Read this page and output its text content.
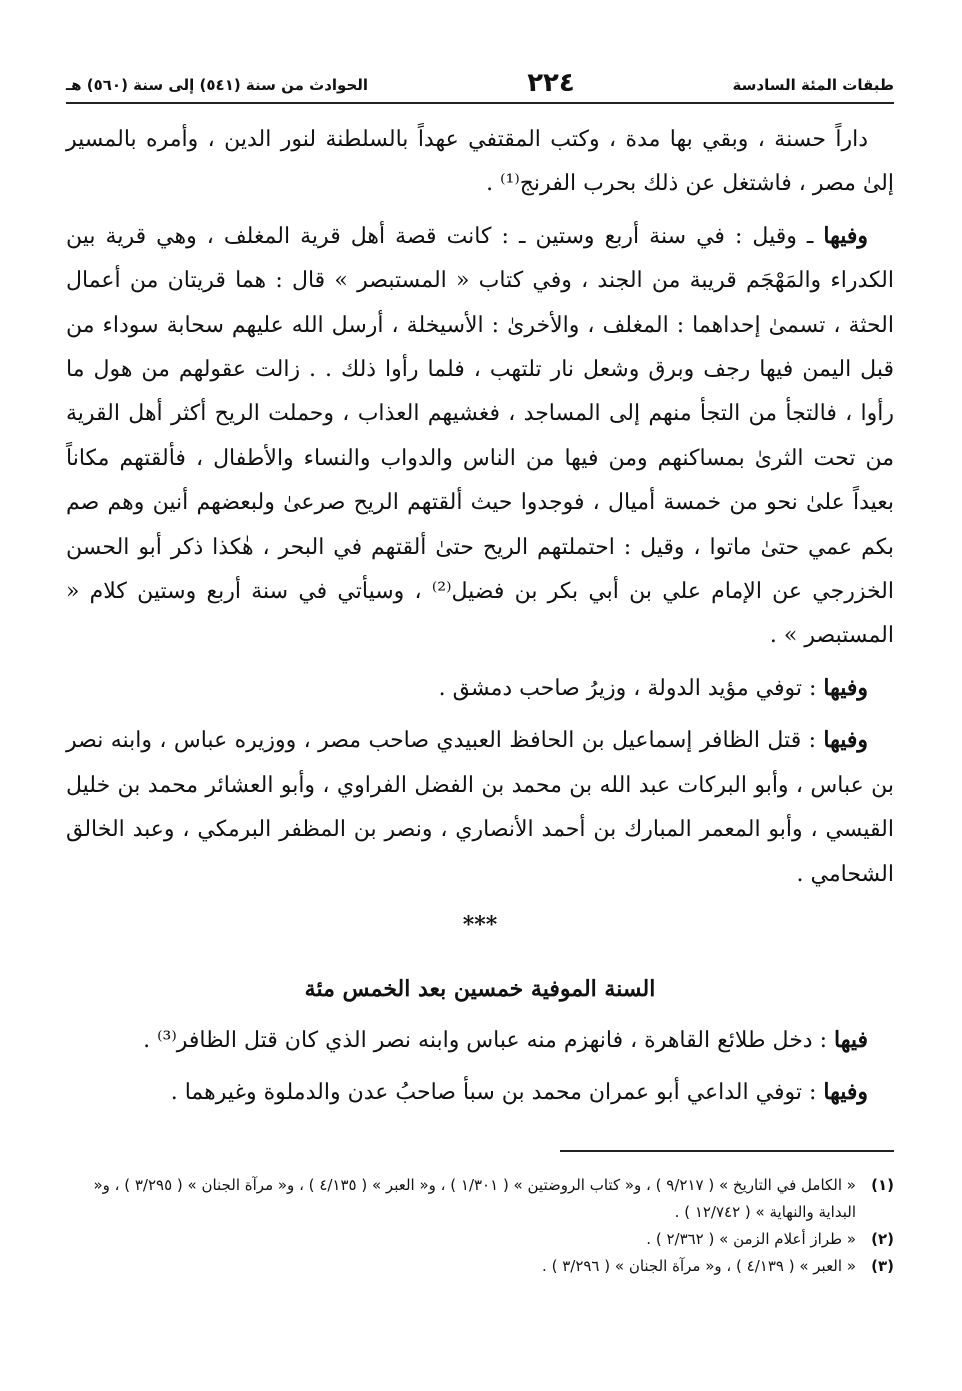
طبقات المئة السادسة
٢٢٤
الحوادث من سنة (٥٤١) إلى سنة (٥٦٠) هـ

داراً حسنة ، وبقي بها مدة ، وكتب المقتفي عهداً بالسلطنة لنور الدين ، وأمره بالمسير إلىٰ مصر ، فاشتغل عن ذلك بحرب الفرنج⁽¹⁾ .

وفيها ـ وقيل : في سنة أربع وستين ـ : كانت قصة أهل قرية المغلف ، وهي قرية بين الكدراء والمَهْجَم قريبة من الجند ، وفي كتاب « المستبصر » قال : هما قريتان من أعمال الحثة ، تسمىٰ إحداهما : المغلف ، والأخرىٰ : الأسيخلة ، أرسل الله عليهم سحابة سوداء من قبل اليمن فيها رجف وبرق وشعل نار تلتهب ، فلما رأوا ذلك . . زالت عقولهم من هول ما رأوا ، فالتجأ من التجأ منهم إلى المساجد ، فغشيهم العذاب ، وحملت الريح أكثر أهل القرية من تحت الثرىٰ بمساكنهم ومن فيها من الناس والدواب والنساء والأطفال ، فألقتهم مكاناً بعيداً علىٰ نحو من خمسة أميال ، فوجدوا حيث ألقتهم الريح صرعىٰ ولبعضهم أنين وهم صم بكم عمي حتىٰ ماتوا ، وقيل : احتملتهم الريح حتىٰ ألقتهم في البحر ، هٰكذا ذكر أبو الحسن الخزرجي عن الإمام علي بن أبي بكر بن فضيل⁽²⁾ ، وسيأتي في سنة أربع وستين كلام « المستبصر » .

وفيها : توفي مؤيد الدولة ، وزيرُ صاحب دمشق .

وفيها : قتل الظافر إسماعيل بن الحافظ العبيدي صاحب مصر ، ووزيره عباس ، وابنه نصر بن عباس ، وأبو البركات عبد الله بن محمد بن الفضل الفراوي ، وأبو العشائر محمد بن خليل القيسي ، وأبو المعمر المبارك بن أحمد الأنصاري ، ونصر بن المظفر البرمكي ، وعبد الخالق الشحامي .

***
السنة الموفية خمسين بعد الخمس مئة

فيها : دخل طلائع القاهرة ، فانهزم منه عباس وابنه نصر الذي كان قتل الظافر⁽³⁾ .

وفيها : توفي الداعي أبو عمران محمد بن سبأ صاحبُ عدن والدملوة وغيرهما .

(١)
« الكامل في التاريخ » ( ٩/٢١٧ ) ، و« كتاب الروضتين » ( ١/٣٠١ ) ، و« العبر » ( ٤/١٣٥ ) ، و« مرآة الجنان » ( ٣/٢٩٥ ) ، و« البداية والنهاية » ( ١٢/٧٤٢ ) .
(٢)
« طراز أعلام الزمن » ( ٢/٣٦٢ ) .
(٣)
« العبر » ( ٤/١٣٩ ) ، و« مرآة الجنان » ( ٣/٢٩٦ ) .
